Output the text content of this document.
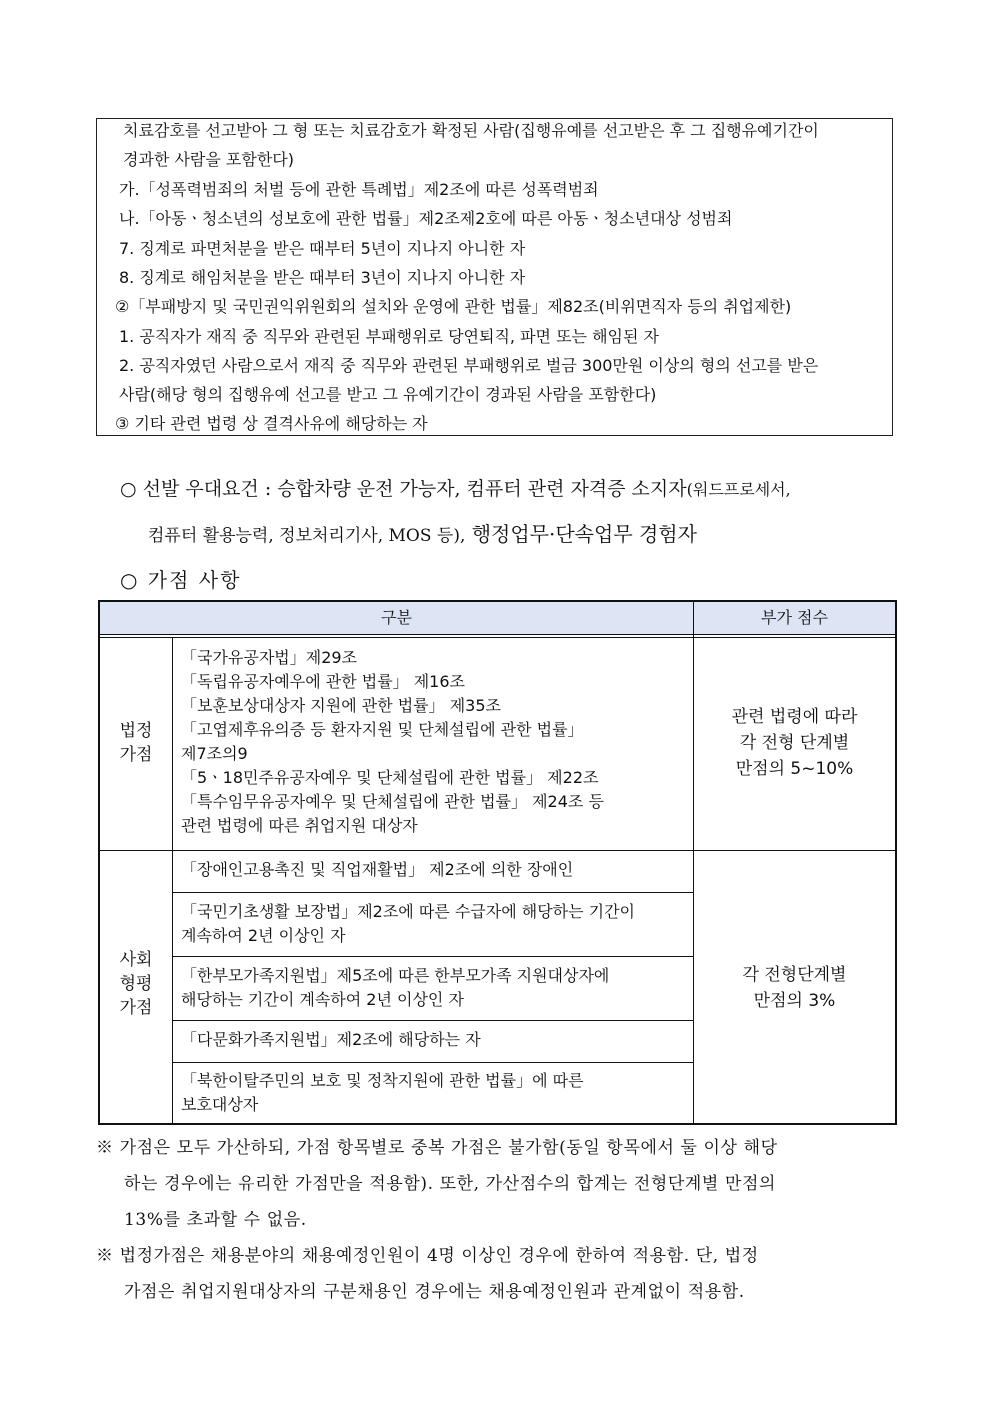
치료감호를 선고받아 그 형 또는 치료감호가 확정된 사람(집행유예를 선고받은 후 그 집행유예기간이
경과한 사람을 포함한다)
가.「성폭력범죄의 처벌 등에 관한 특례법」제2조에 따른 성폭력범죄
나.「아동ㆍ청소년의 성보호에 관한 법률」제2조제2호에 따른 아동ㆍ청소년대상 성범죄
7. 징계로 파면처분을 받은 때부터 5년이 지나지 아니한 자
8. 징계로 해임처분을 받은 때부터 3년이 지나지 아니한 자
②「부패방지 및 국민권익위원회의 설치와 운영에 관한 법률」제82조(비위면직자 등의 취업제한)
1. 공직자가 재직 중 직무와 관련된 부패행위로 당연퇴직, 파면 또는 해임된 자
2. 공직자였던 사람으로서 재직 중 직무와 관련된 부패행위로 벌금 300만원 이상의 형의 선고를 받은
사람(해당 형의 집행유예 선고를 받고 그 유예기간이 경과된 사람을 포함한다)
③ 기타 관련 법령 상 결격사유에 해당하는 자
○ 선발 우대요건 : 승합차량 운전 가능자, 컴퓨터 관련 자격증 소지자(워드프로세서,
컴퓨터 활용능력, 정보처리기사, MOS 등), 행정업무·단속업무 경험자
○ 가점 사항
구분	부가 점수
법정
가점
「국가유공자법」제29조
「독립유공자예우에 관한 법률」 제16조
「보훈보상대상자 지원에 관한 법률」 제35조
「고엽제후유의증 등 환자지원 및 단체설립에 관한 법률」
제7조의9
「5ㆍ18민주유공자예우 및 단체설립에 관한 법률」 제22조
「특수임무유공자예우 및 단체설립에 관한 법률」 제24조 등
관련 법령에 따른 취업지원 대상자
관련 법령에 따라
각 전형 단계별
만점의 5~10%
사회
형평
가점
「장애인고용촉진 및 직업재활법」 제2조에 의한 장애인
「국민기초생활 보장법」제2조에 따른 수급자에 해당하는 기간이
계속하여 2년 이상인 자
「한부모가족지원법」제5조에 따른 한부모가족 지원대상자에
해당하는 기간이 계속하여 2년 이상인 자
「다문화가족지원법」제2조에 해당하는 자
「북한이탈주민의 보호 및 정착지원에 관한 법률」에 따른
보호대상자
각 전형단계별
만점의 3%
※ 가점은 모두 가산하되, 가점 항목별로 중복 가점은 불가함(동일 항목에서 둘 이상 해당
하는 경우에는 유리한 가점만을 적용함). 또한, 가산점수의 합계는 전형단계별 만점의
13%를 초과할 수 없음.
※ 법정가점은 채용분야의 채용예정인원이 4명 이상인 경우에 한하여 적용함. 단, 법정
가점은 취업지원대상자의 구분채용인 경우에는 채용예정인원과 관계없이 적용함.
